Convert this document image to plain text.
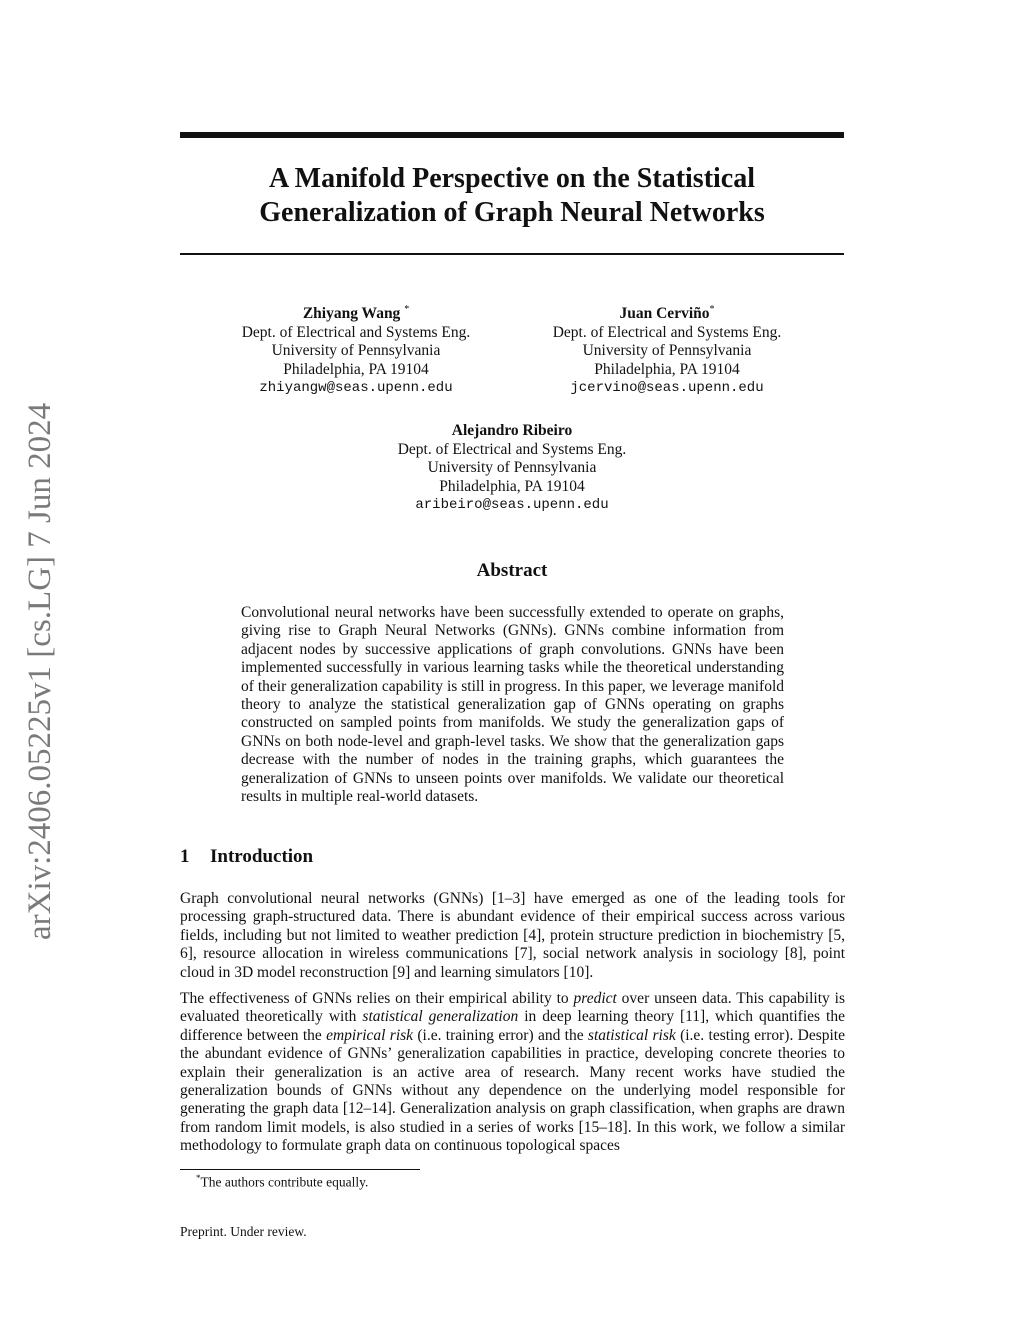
arXiv:2406.05225v1 [cs.LG] 7 Jun 2024
A Manifold Perspective on the Statistical
Generalization of Graph Neural Networks
Zhiyang Wang *
Dept. of Electrical and Systems Eng.
University of Pennsylvania
Philadelphia, PA 19104
zhiyangw@seas.upenn.edu
Juan Cerviño*
Dept. of Electrical and Systems Eng.
University of Pennsylvania
Philadelphia, PA 19104
jcervino@seas.upenn.edu
Alejandro Ribeiro
Dept. of Electrical and Systems Eng.
University of Pennsylvania
Philadelphia, PA 19104
aribeiro@seas.upenn.edu
Abstract
Convolutional neural networks have been successfully extended to operate on graphs, giving rise to Graph Neural Networks (GNNs). GNNs combine information from adjacent nodes by successive applications of graph convolutions. GNNs have been implemented successfully in various learning tasks while the theoretical understanding of their generalization capability is still in progress. In this paper, we leverage manifold theory to analyze the statistical generalization gap of GNNs operating on graphs constructed on sampled points from manifolds. We study the generalization gaps of GNNs on both node-level and graph-level tasks. We show that the generalization gaps decrease with the number of nodes in the training graphs, which guarantees the generalization of GNNs to unseen points over manifolds. We validate our theoretical results in multiple real-world datasets.
1 Introduction
Graph convolutional neural networks (GNNs) [1–3] have emerged as one of the leading tools for processing graph-structured data. There is abundant evidence of their empirical success across various fields, including but not limited to weather prediction [4], protein structure prediction in biochemistry [5, 6], resource allocation in wireless communications [7], social network analysis in sociology [8], point cloud in 3D model reconstruction [9] and learning simulators [10].
The effectiveness of GNNs relies on their empirical ability to predict over unseen data. This capability is evaluated theoretically with statistical generalization in deep learning theory [11], which quantifies the difference between the empirical risk (i.e. training error) and the statistical risk (i.e. testing error). Despite the abundant evidence of GNNs’ generalization capabilities in practice, developing concrete theories to explain their generalization is an active area of research. Many recent works have studied the generalization bounds of GNNs without any dependence on the underlying model responsible for generating the graph data [12–14]. Generalization analysis on graph classification, when graphs are drawn from random limit models, is also studied in a series of works [15–18]. In this work, we follow a similar methodology to formulate graph data on continuous topological spaces
*The authors contribute equally.
Preprint. Under review.
